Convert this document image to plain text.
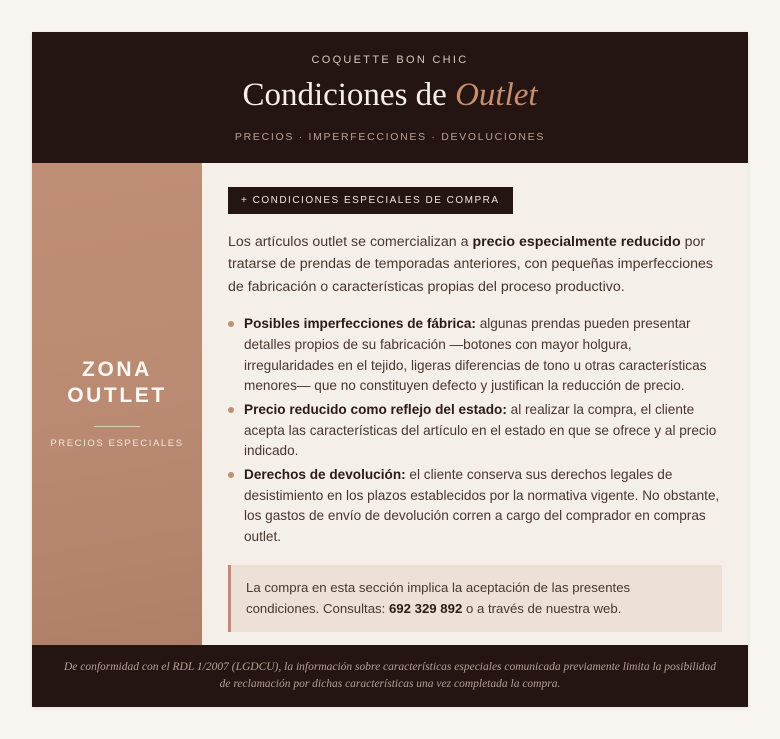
COQUETTE BON CHIC
Condiciones de Outlet
PRECIOS · IMPERFECCIONES · DEVOLUCIONES
ZONA OUTLET
PRECIOS ESPECIALES
+ CONDICIONES ESPECIALES DE COMPRA

Los artículos outlet se comercializan a precio especialmente reducido por tratarse de prendas de temporadas anteriores, con pequeñas imperfecciones de fabricación o características propias del proceso productivo.

Posibles imperfecciones de fábrica: algunas prendas pueden presentar detalles propios de su fabricación —botones con mayor holgura, irregularidades en el tejido, ligeras diferencias de tono u otras características menores— que no constituyen defecto y justifican la reducción de precio.
Precio reducido como reflejo del estado: al realizar la compra, el cliente acepta las características del artículo en el estado en que se ofrece y al precio indicado.
Derechos de devolución: el cliente conserva sus derechos legales de desistimiento en los plazos establecidos por la normativa vigente. No obstante, los gastos de envío de devolución corren a cargo del comprador en compras outlet.
La compra en esta sección implica la aceptación de las presentes condiciones. Consultas: 692 329 892 o a través de nuestra web.
De conformidad con el RDL 1/2007 (LGDCU), la información sobre características especiales comunicada previamente limita la posibilidad de reclamación por dichas características una vez completada la compra.
